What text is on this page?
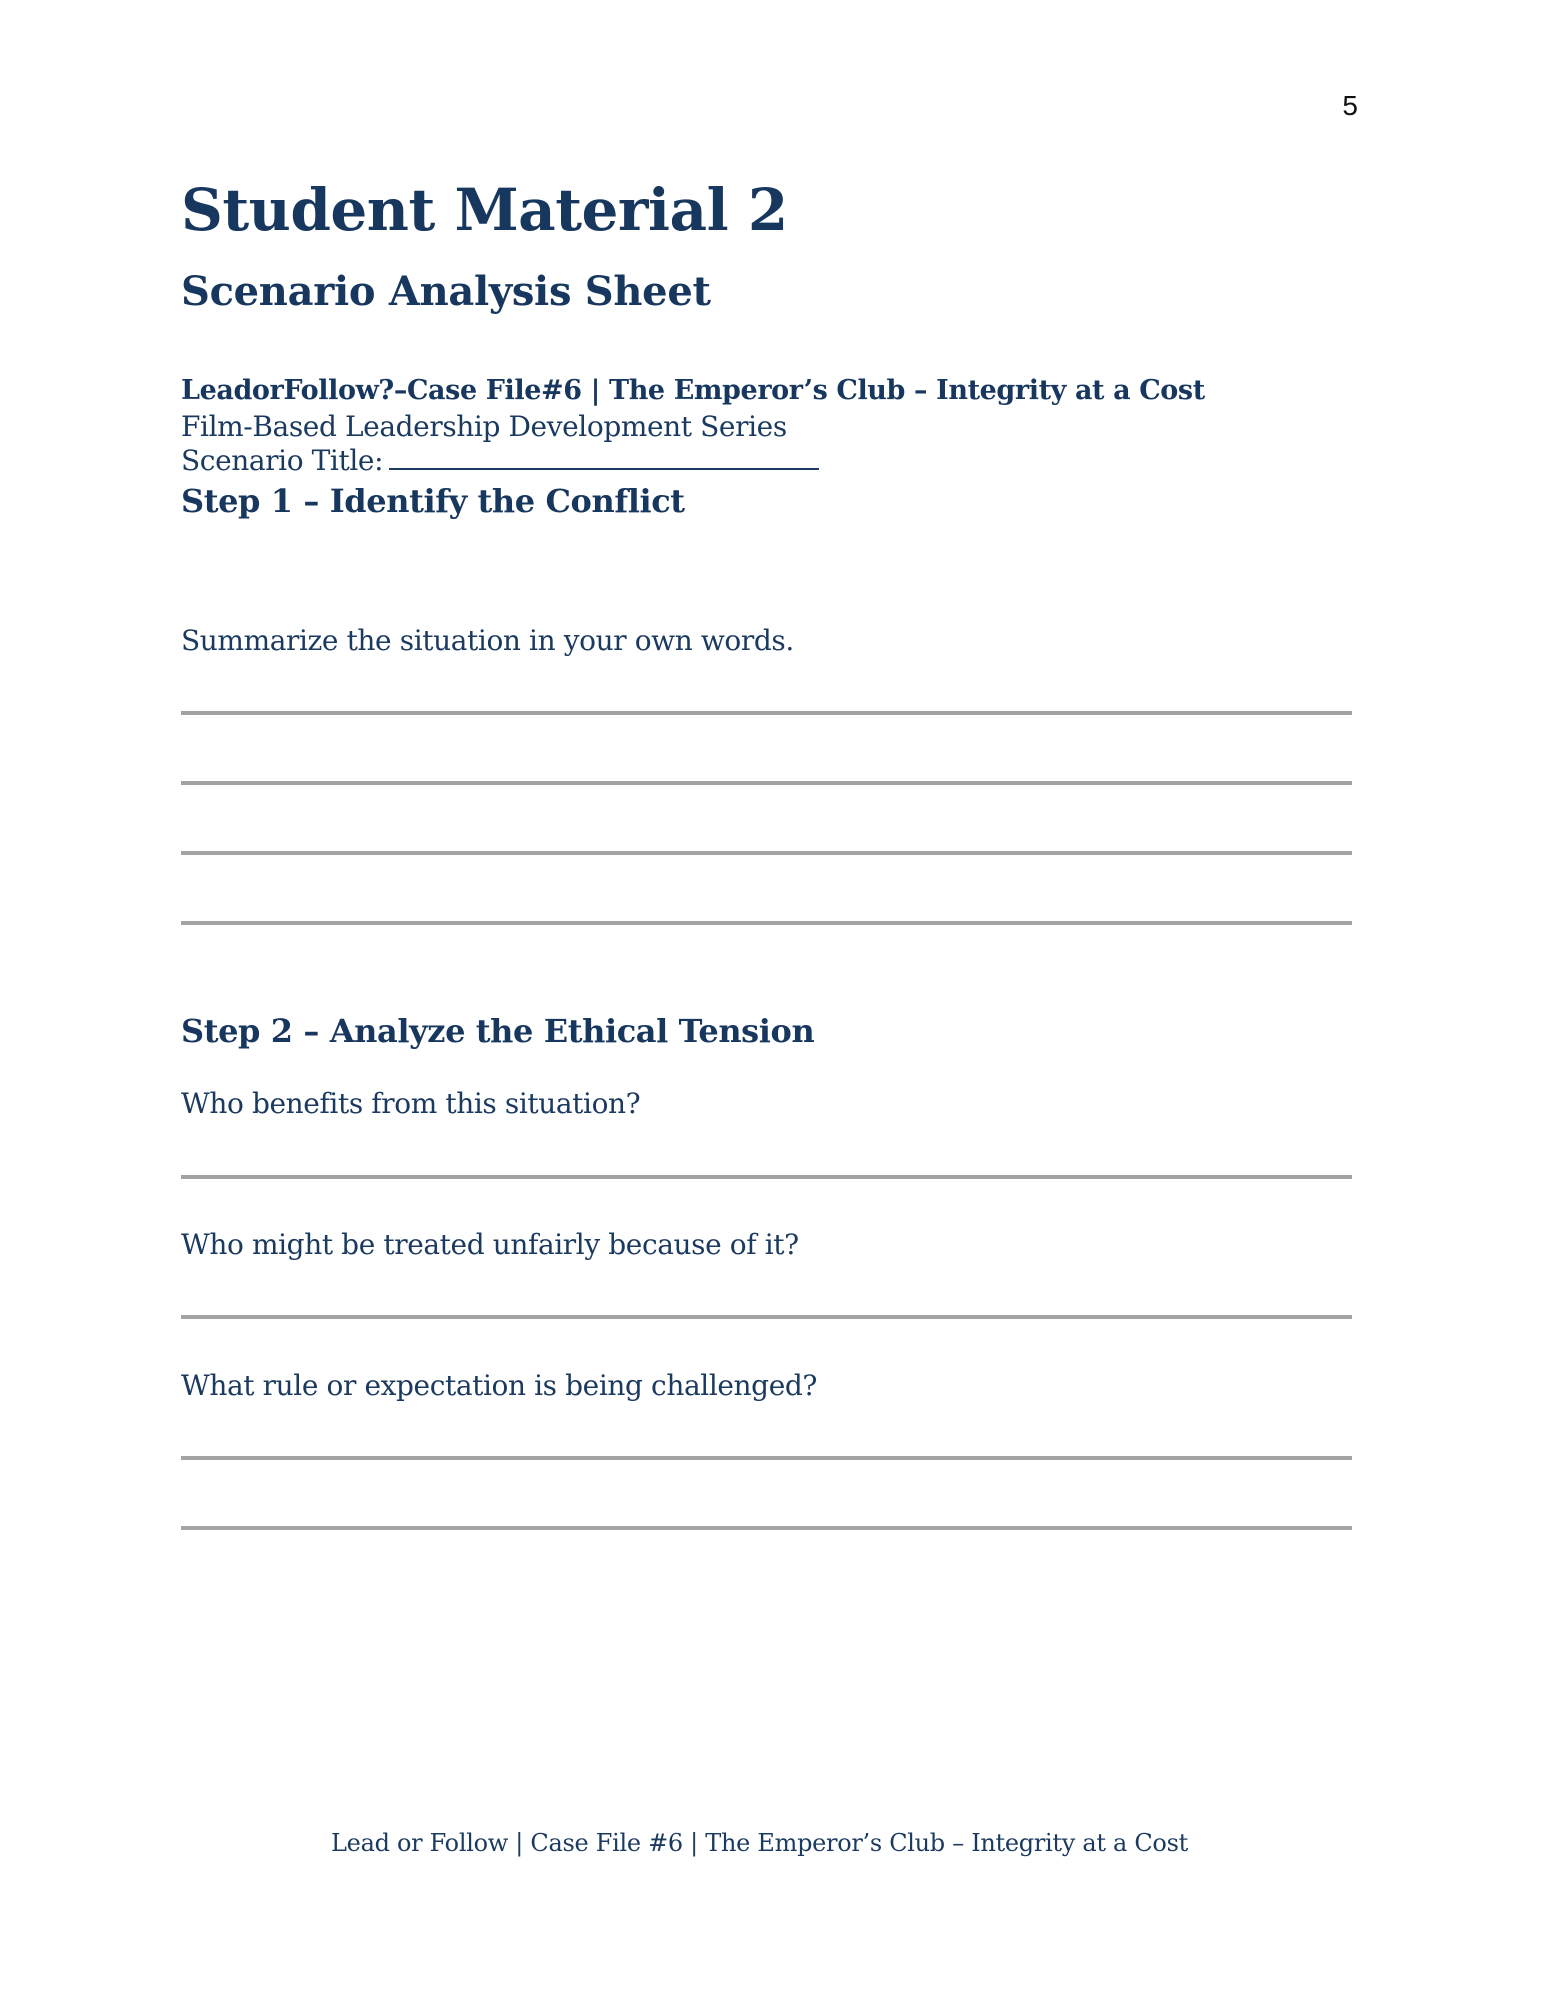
5
Student Material 2
Scenario Analysis Sheet
LeadorFollow?–Case File#6 | The Emperor’s Club – Integrity at a Cost
Film-Based Leadership Development Series
Scenario Title:
Step 1 – Identify the Conflict
Summarize the situation in your own words.
Step 2 – Analyze the Ethical Tension
Who benefits from this situation?
Who might be treated unfairly because of it?
What rule or expectation is being challenged?
Lead or Follow | Case File #6 | The Emperor’s Club – Integrity at a Cost
